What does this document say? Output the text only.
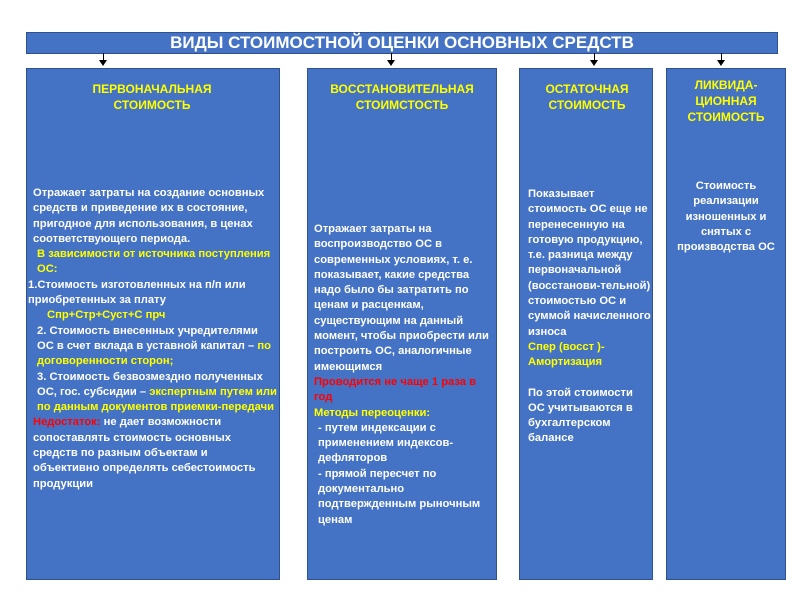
ВИДЫ СТОИМОСТНОЙ ОЦЕНКИ ОСНОВНЫХ СРЕДСТВ
ПЕРВОНАЧАЛЬНАЯ СТОИМОСТЬ

Отражает затраты на создание основных средств и приведение их в состояние, пригодное для использования, в ценах соответствующего периода.

В зависимости от источника поступления ОС:

1.Стоимость изготовленных на п/п или приобретенных за плату

Спр+Стр+Суст+С прч

2. Стоимость внесенных учредителями ОС в счет вклада в уставной капитал – по договоренности сторон;

3. Стоимость безвозмездно полученных ОС, гос. субсидии – экспертным путем или по данным документов приемки-передачи

Недостаток: не дает возможности сопоставлять стоимость основных средств по разным объектам и объективно определять себестоимость продукции

ВОССТАНОВИТЕЛЬНАЯ СТОИМСТОСТЬ

Отражает затраты на воспроизводство ОС в современных условиях, т. е. показывает, какие средства надо было бы затратить по ценам и расценкам, существующим на данный момент, чтобы приобрести или построить ОС, аналогичные имеющимся

Проводится не чаще 1 раза в год

Методы переоценки:

- путем индексации с применением индексов-дефляторов

- прямой пересчет по документально подтвержденным рыночным ценам

ОСТАТОЧНАЯ СТОИМОСТЬ

Показывает стоимость ОС еще не перенесенную на готовую продукцию, т.е. разница между первоначальной (восстанови-тельной) стоимостью ОС и суммой начисленного износа

Спер (восст )- Амортизация

По этой стоимости ОС учитываются в бухгалтерском балансе

ЛИКВИДА-ЦИОННАЯ СТОИМОСТЬ

Стоимость реализации изношенных и снятых с производства ОС
